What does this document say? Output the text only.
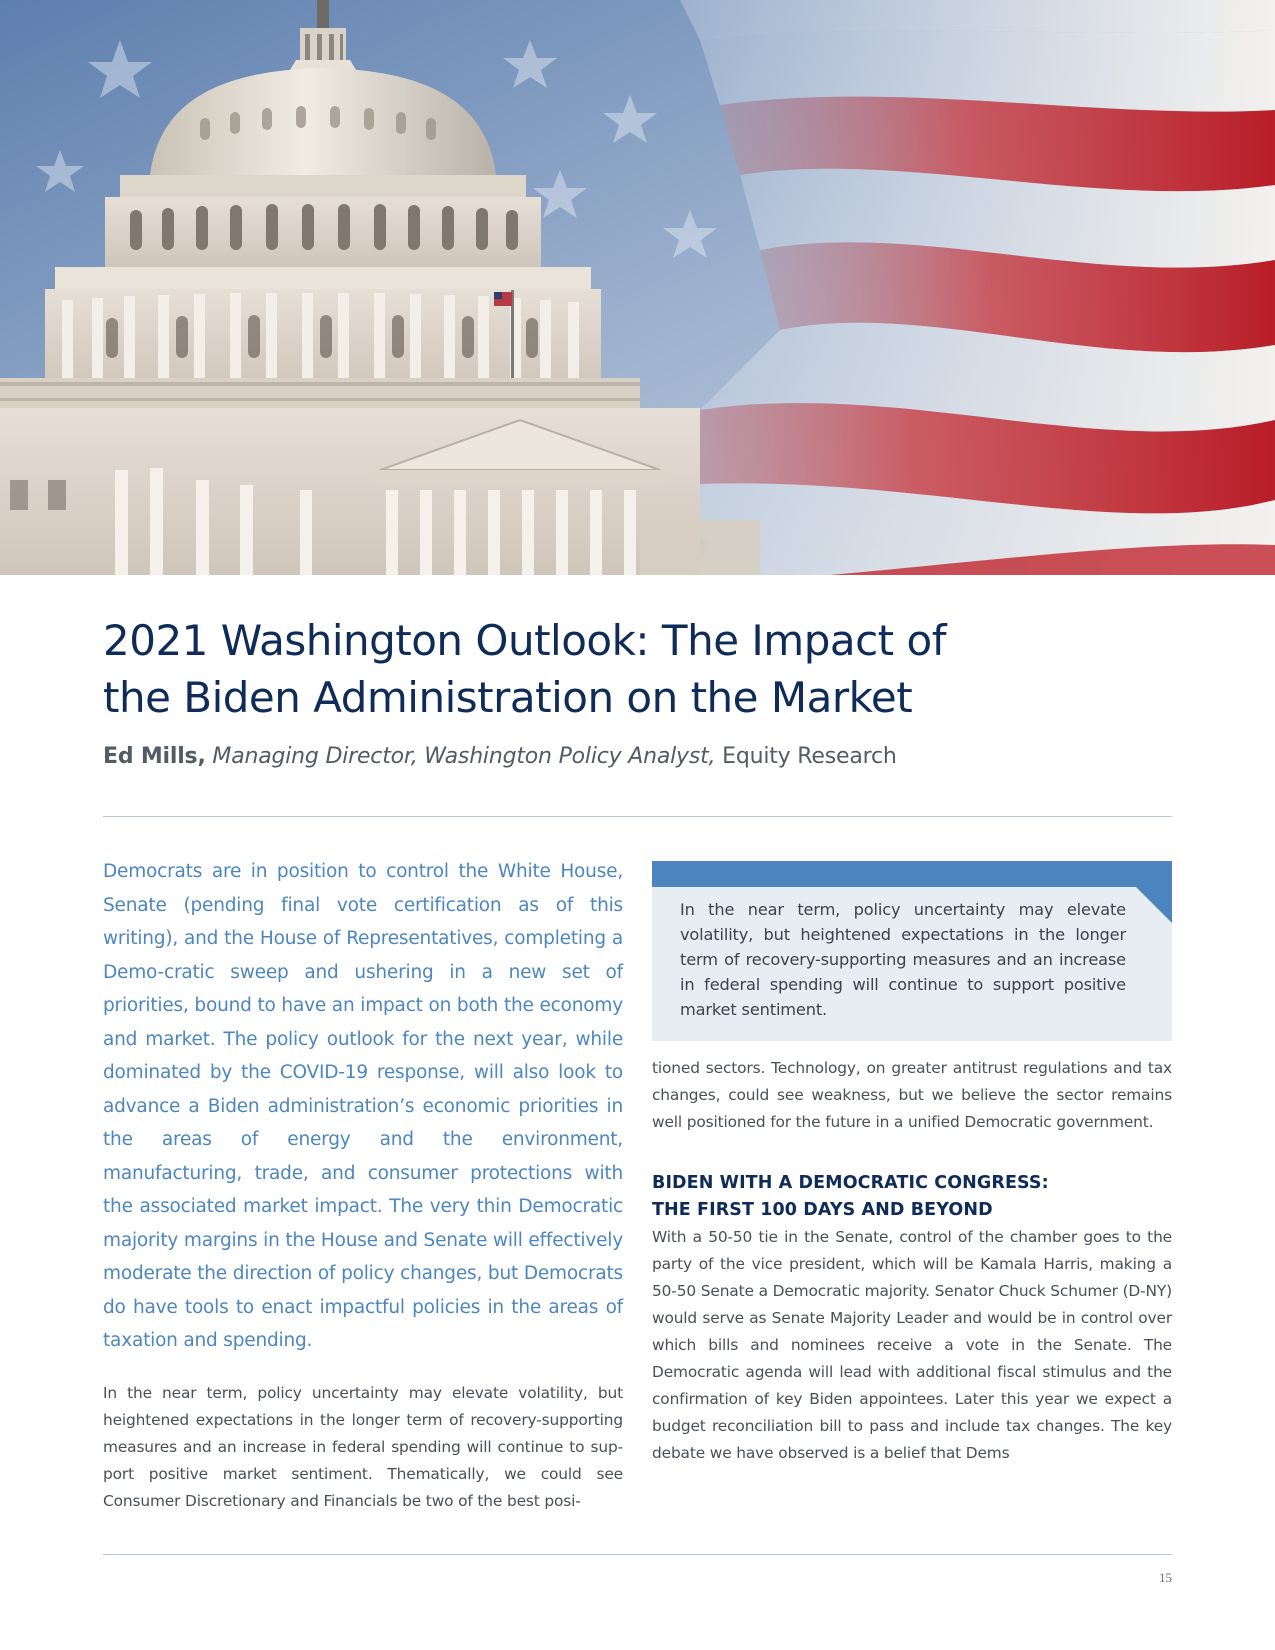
2021 Washington Outlook: The Impact of
the Biden Administration on the Market
Ed Mills, Managing Director, Washington Policy Analyst, Equity Research

Democrats are in position to control the White House, Senate (pending final vote certification as of this writing), and the House of Representatives, completing a Demo-cratic sweep and ushering in a new set of priorities, bound to have an impact on both the economy and market. The policy outlook for the next year, while dominated by the COVID-19 response, will also look to advance a Biden administration’s economic priorities in the areas of energy and the environment, manufacturing, trade, and consumer protections with the associated market impact. The very thin Democratic majority margins in the House and Senate will effectively moderate the direction of policy changes, but Democrats do have tools to enact impactful policies in the areas of taxation and spending.

In the near term, policy uncertainty may elevate volatility, but heightened expectations in the longer term of recovery-supporting measures and an increase in federal spending will continue to sup-port positive market sentiment. Thematically, we could see Consumer Discretionary and Financials be two of the best posi-

In the near term, policy uncertainty may elevate volatility, but heightened expectations in the longer term of recovery-supporting measures and an increase in federal spending will continue to support positive market sentiment.

tioned sectors. Technology, on greater antitrust regulations and tax changes, could see weakness, but we believe the sector remains well positioned for the future in a unified Democratic government.

BIDEN WITH A DEMOCRATIC CONGRESS:
THE FIRST 100 DAYS AND BEYOND

With a 50-50 tie in the Senate, control of the chamber goes to the party of the vice president, which will be Kamala Harris, making a 50-50 Senate a Democratic majority. Senator Chuck Schumer (D-NY) would serve as Senate Majority Leader and would be in control over which bills and nominees receive a vote in the Senate. The Democratic agenda will lead with additional fiscal stimulus and the confirmation of key Biden appointees. Later this year we expect a budget reconciliation bill to pass and include tax changes. The key debate we have observed is a belief that Dems

15
